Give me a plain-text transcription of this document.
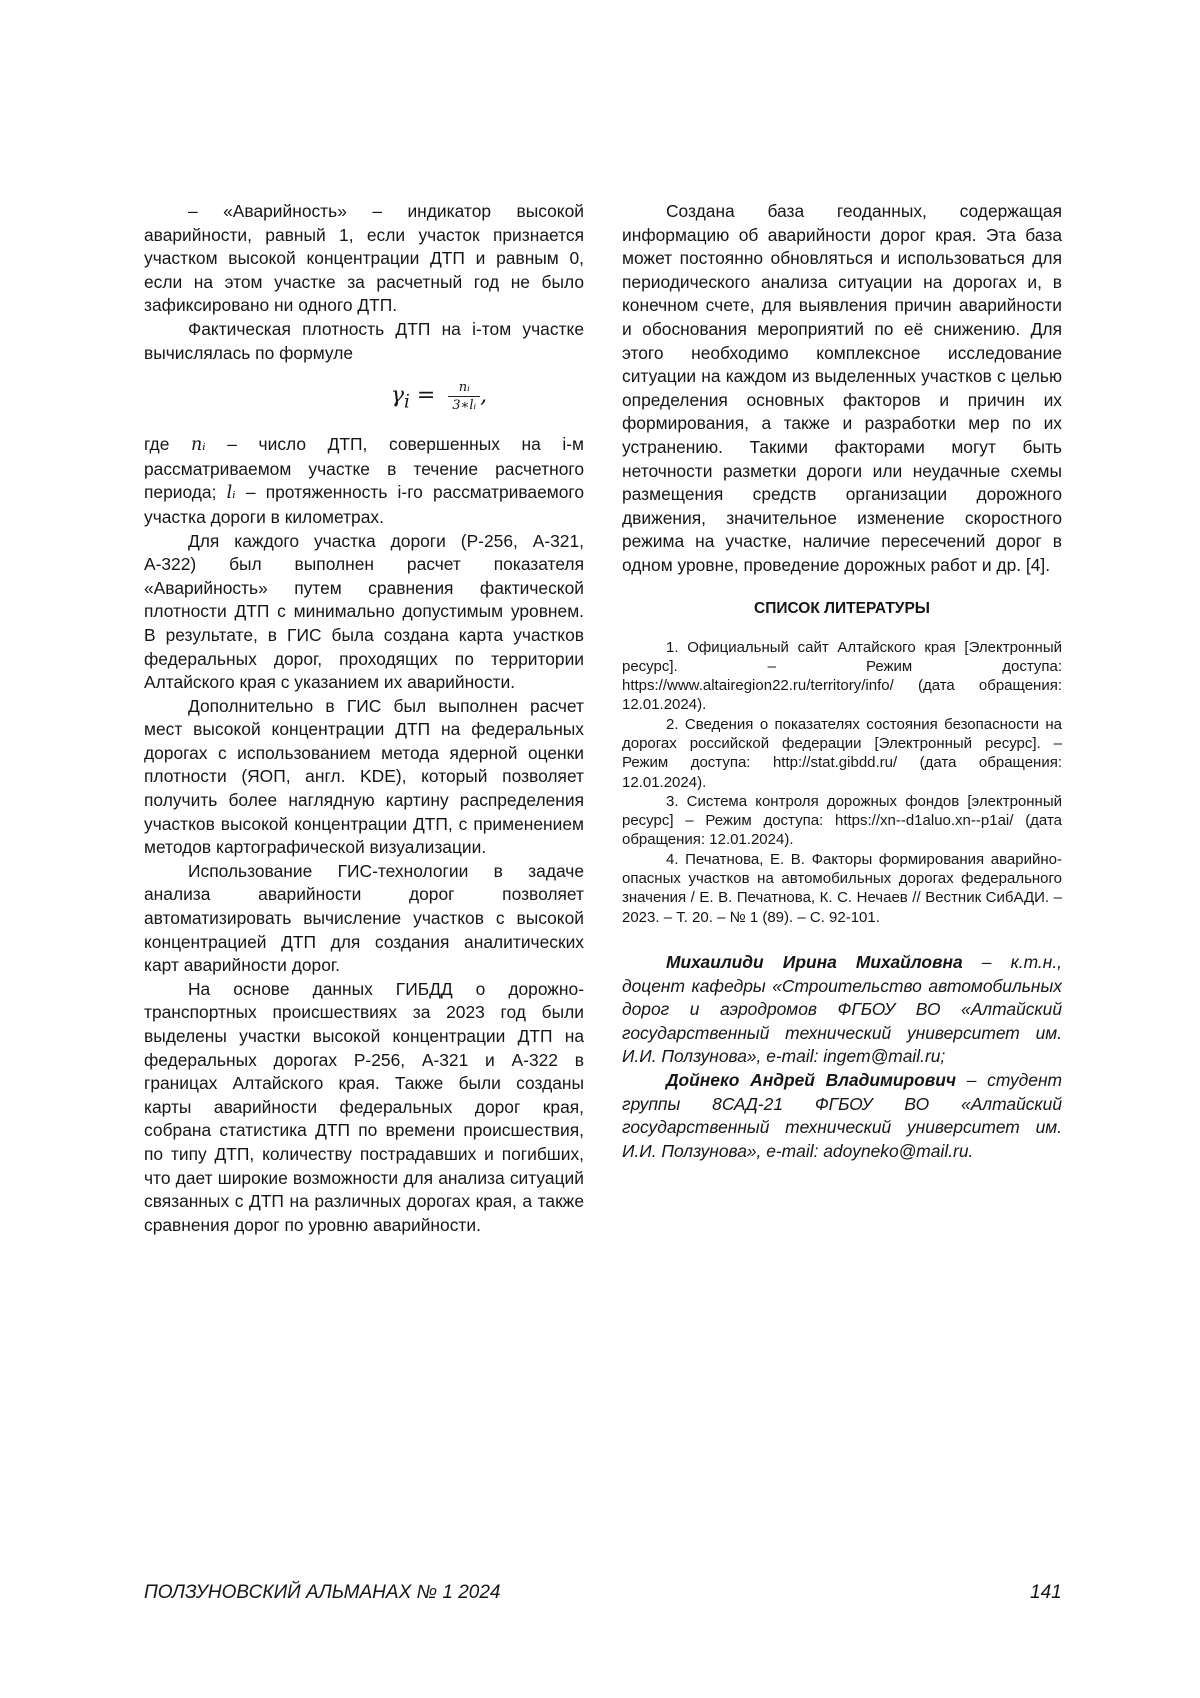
– «Аварийность» – индикатор высокой аварийности, равный 1, если участок признается участком высокой концентрации ДТП и равным 0, если на этом участке за расчетный год не было зафиксировано ни одного ДТП.

Фактическая плотность ДТП на i-том участке вычислялась по формуле

$\gamma_i = \frac{\text{nᵢ}}{\text{3∗lᵢ}}$ ,

где nᵢ – число ДТП, совершенных на i-м рассматриваемом участке в течение расчетного периода; lᵢ – протяженность i-го рассматриваемого участка дороги в километрах.

Для каждого участка дороги (Р-256, А-321, А-322) был выполнен расчет показателя «Аварийность» путем сравнения фактической плотности ДТП с минимально допустимым уровнем. В результате, в ГИС была создана карта участков федеральных дорог, проходящих по территории Алтайского края с указанием их аварийности.

Дополнительно в ГИС был выполнен расчет мест высокой концентрации ДТП на федеральных дорогах с использованием метода ядерной оценки плотности (ЯОП, англ. KDE), который позволяет получить более наглядную картину распределения участков высокой концентрации ДТП, с применением методов картографической визуализации.

Использование ГИС-технологии в задаче анализа аварийности дорог позволяет автоматизировать вычисление участков с высокой концентрацией ДТП для создания аналитических карт аварийности дорог.

На основе данных ГИБДД о дорожно-транспортных происшествиях за 2023 год были выделены участки высокой концентрации ДТП на федеральных дорогах Р-256, А-321 и А-322 в границах Алтайского края. Также были созданы карты аварийности федеральных дорог края, собрана статистика ДТП по времени происшествия, по типу ДТП, количеству пострадавших и погибших, что дает широкие возможности для анализа ситуаций связанных с ДТП на различных дорогах края, а также сравнения дорог по уровню аварийности.

Создана база геоданных, содержащая информацию об аварийности дорог края. Эта база может постоянно обновляться и использоваться для периодического анализа ситуации на дорогах и, в конечном счете, для выявления причин аварийности и обоснования мероприятий по её снижению. Для этого необходимо комплексное исследование ситуации на каждом из выделенных участков с целью определения основных факторов и причин их формирования, а также и разработки мер по их устранению. Такими факторами могут быть неточности разметки дороги или неудачные схемы размещения средств организации дорожного движения, значительное изменение скоростного режима на участке, наличие пересечений дорог в одном уровне, проведение дорожных работ и др. [4].

СПИСОК ЛИТЕРАТУРЫ

1. Официальный сайт Алтайского края [Электронный ресурс]. – Режим доступа: https://www.altairegion22.ru/territory/info/ (дата обращения: 12.01.2024).

2. Сведения о показателях состояния безопасности на дорогах российской федерации [Электронный ресурс]. – Режим доступа: http://stat.gibdd.ru/ (дата обращения: 12.01.2024).

3. Система контроля дорожных фондов [электронный ресурс] – Режим доступа: https://xn--d1aluo.xn--p1ai/ (дата обращения: 12.01.2024).

4. Печатнова, Е. В. Факторы формирования аварийно-опасных участков на автомобильных дорогах федерального значения / Е. В. Печатнова, К. С. Нечаев // Вестник СибАДИ. – 2023. – Т. 20. – № 1 (89). – С. 92-101.

Михаилиди Ирина Михайловна – к.т.н., доцент кафедры «Строительство автомобильных дорог и аэродромов ФГБОУ ВО «Алтайский государственный технический университет им. И.И. Ползунова», e-mail: ingem@mail.ru;

Дойнеко Андрей Владимирович – студент группы 8САД-21 ФГБОУ ВО «Алтайский государственный технический университет им. И.И. Ползунова», e-mail: adoyneko@mail.ru.

ПОЛЗУНОВСКИЙ АЛЬМАНАХ № 1 2024	141
